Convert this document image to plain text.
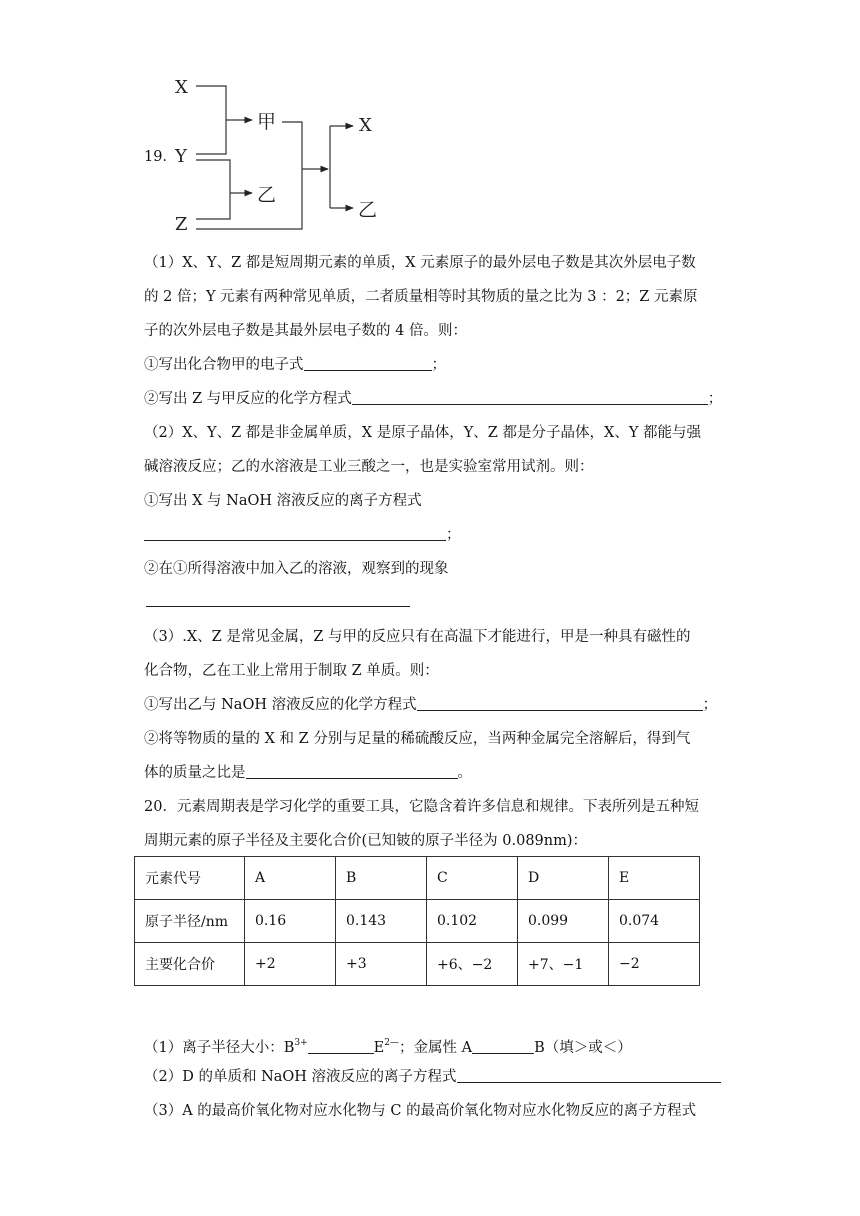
X
Y
Z
甲
乙
X
乙
19．
（1）X、Y、Z 都是短周期元素的单质，X 元素原子的最外层电子数是其次外层电子数
的 2 倍；Y 元素有两种常见单质，二者质量相等时其物质的量之比为 3 ：2；Z 元素原
子的次外层电子数是其最外层电子数的 4 倍。则：
①写出化合物甲的电子式	；
②写出 Z 与甲反应的化学方程式	；
（2）X、Y、Z 都是非金属单质，X 是原子晶体，Y、Z 都是分子晶体，X、Y 都能与强
碱溶液反应；乙的水溶液是工业三酸之一，也是实验室常用试剂。则：
①写出 X 与 NaOH 溶液反应的离子方程式
；
②在①所得溶液中加入乙的溶液，观察到的现象
（3）.X、Z 是常见金属，Z 与甲的反应只有在高温下才能进行，甲是一种具有磁性的
化合物，乙在工业上常用于制取 Z 单质。则：
①写出乙与 NaOH 溶液反应的化学方程式	；
②将等物质的量的 X 和 Z 分别与足量的稀硫酸反应，当两种金属完全溶解后，得到气
体的质量之比是	。
20．元素周期表是学习化学的重要工具，它隐含着许多信息和规律。下表所列是五种短
周期元素的原子半径及主要化合价(已知铍的原子半径为 0.089nm)：
元素代号	A	B	C	D	E
原子半径/nm	0.16	0.143	0.102	0.099	0.074
主要化合价	+2	+3	+6、−2	+7、−1	−2
（1）离子半径大小：$B^{3+}$	$E^{2—}$；金属性 A	B（填＞或＜）
（2）D 的单质和 NaOH 溶液反应的离子方程式
（3）A 的最高价氧化物对应水化物与 C 的最高价氧化物对应水化物反应的离子方程式
